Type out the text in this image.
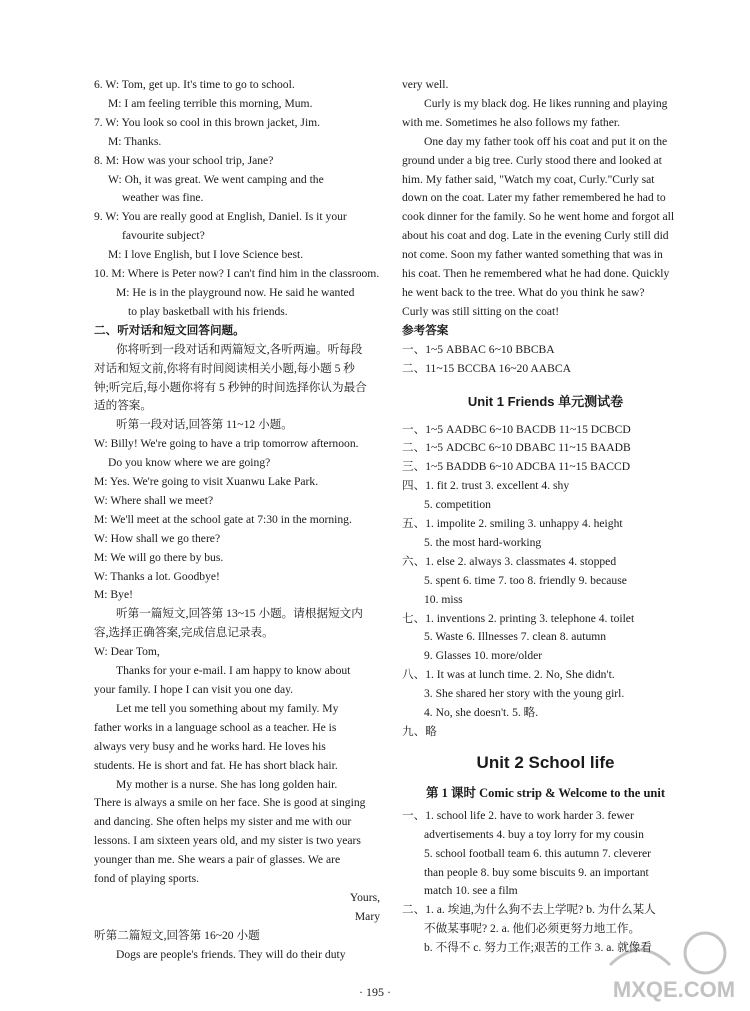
6. W: Tom, get up. It's time to go to school.
M: I am feeling terrible this morning, Mum.
7. W: You look so cool in this brown jacket, Jim.
M: Thanks.
8. M: How was your school trip, Jane?
W: Oh, it was great. We went camping and the
weather was fine.
9. W: You are really good at English, Daniel. Is it your
favourite subject?
M: I love English, but I love Science best.
10. M: Where is Peter now? I can't find him in the classroom.
M: He is in the playground now. He said he wanted
to play basketball with his friends.
二、听对话和短文回答问题。
你将听到一段对话和两篇短文,各听两遍。听每段
对话和短文前,你将有时间阅读相关小题,每小题 5 秒
钟;听完后,每小题你将有 5 秒钟的时间选择你认为最合
适的答案。
听第一段对话,回答第 11~12 小题。
W: Billy! We're going to have a trip tomorrow afternoon.
Do you know where we are going?
M: Yes. We're going to visit Xuanwu Lake Park.
W: Where shall we meet?
M: We'll meet at the school gate at 7:30 in the morning.
W: How shall we go there?
M: We will go there by bus.
W: Thanks a lot. Goodbye!
M: Bye!
听第一篇短文,回答第 13~15 小题。请根据短文内
容,选择正确答案,完成信息记录表。
W: Dear Tom,
Thanks for your e-mail. I am happy to know about
your family. I hope I can visit you one day.
Let me tell you something about my family. My
father works in a language school as a teacher. He is
always very busy and he works hard. He loves his
students. He is short and fat. He has short black hair.
My mother is a nurse. She has long golden hair.
There is always a smile on her face. She is good at singing
and dancing. She often helps my sister and me with our
lessons. I am sixteen years old, and my sister is two years
younger than me. She wears a pair of glasses. We are
fond of playing sports.
Yours,
Mary
听第二篇短文,回答第 16~20 小题
Dogs are people's friends. They will do their duty
very well.
Curly is my black dog. He likes running and playing
with me. Sometimes he also follows my father.
One day my father took off his coat and put it on the
ground under a big tree. Curly stood there and looked at
him. My father said, "Watch my coat, Curly."Curly sat
down on the coat. Later my father remembered he had to
cook dinner for the family. So he went home and forgot all
about his coat and dog. Late in the evening Curly still did
not come. Soon my father wanted something that was in
his coat. Then he remembered what he had done. Quickly
he went back to the tree. What do you think he saw?
Curly was still sitting on the coat!
参考答案
一、1~5 ABBAC 6~10 BBCBA
二、11~15 BCCBA 16~20 AABCA
Unit 1 Friends 单元测试卷
一、1~5 AADBC 6~10 BACDB 11~15 DCBCD
二、1~5 ADCBC 6~10 DBABC 11~15 BAADB
三、1~5 BADDB 6~10 ADCBA 11~15 BACCD
四、1. fit 2. trust 3. excellent 4. shy
5. competition
五、1. impolite 2. smiling 3. unhappy 4. height
5. the most hard-working
六、1. else 2. always 3. classmates 4. stopped
5. spent 6. time 7. too 8. friendly 9. because
10. miss
七、1. inventions 2. printing 3. telephone 4. toilet
5. Waste 6. Illnesses 7. clean 8. autumn
9. Glasses 10. more/older
八、1. It was at lunch time. 2. No, She didn't.
3. She shared her story with the young girl.
4. No, she doesn't. 5. 略.
九、略
Unit 2 School life
第 1 课时 Comic strip & Welcome to the unit
一、1. school life 2. have to work harder 3. fewer
advertisements 4. buy a toy lorry for my cousin
5. school football team 6. this autumn 7. cleverer
than people 8. buy some biscuits 9. an important
match 10. see a film
二、1. a. 埃迪,为什么狗不去上学呢? b. 为什么某人
不做某事呢? 2. a. 他们必须更努力地工作。
b. 不得不 c. 努力工作;艰苦的工作 3. a. 就像看
· 195 ·	MXQE.COM
